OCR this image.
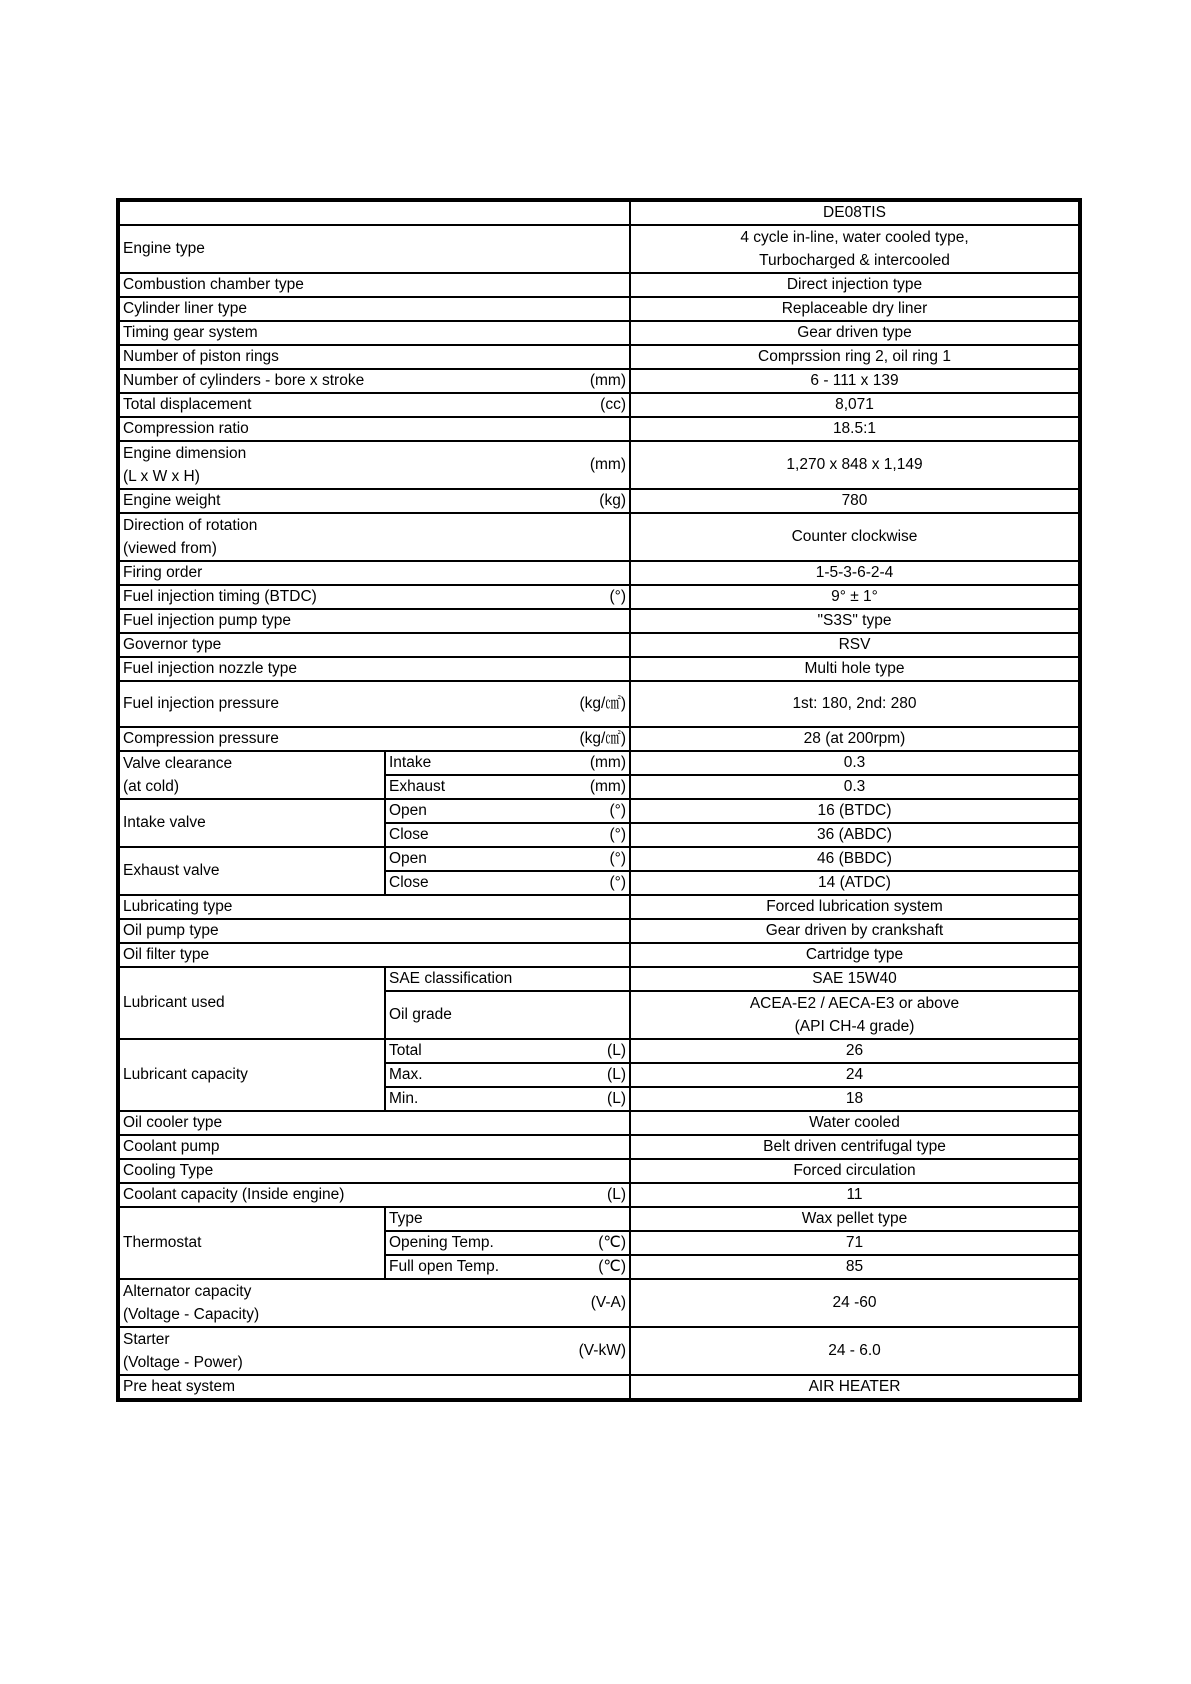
			DE08TIS
Engine type			4 cycle in-line, water cooled type,
Turbocharged & intercooled

Combustion chamber type			Direct injection type
Cylinder liner type			Replaceable dry liner
Timing gear system			Gear driven type
Number of piston rings			Comprssion ring 2, oil ring 1
Number of cylinders - bore x stroke		(mm)	6 - 111 x 139
Total displacement		(cc)	8,071
Compression ratio			18.5:1

Engine dimension
(L x W x H)		(mm)	1,270 x 848 x 1,149
Engine weight		(kg)	780

Direction of rotation
(viewed from)			Counter clockwise
Firing order			1-5-3-6-2-4
Fuel injection timing (BTDC)		(°)	9° ± 1°
Fuel injection pump type			"S3S" type
Governor type			RSV
Fuel injection nozzle type			Multi hole type
Fuel injection pressure		(kg/㎠)	1st: 180, 2nd: 280
Compression pressure		(kg/㎠)	28 (at 200rpm)

Valve clearance
(at cold)	Intake	(mm)	0.3
	Exhaust	(mm)	0.3
Intake valve	Open	(°)	16 (BTDC)
	Close	(°)	36 (ABDC)
Exhaust valve	Open	(°)	46 (BBDC)
	Close	(°)	14 (ATDC)
Lubricating type			Forced lubrication system
Oil pump type			Gear driven by crankshaft
Oil filter type			Cartridge type
Lubricant used	SAE classification		SAE 15W40
	Oil grade		ACEA-E2 / AECA-E3 or above
(API CH-4 grade)

Lubricant capacity	Total	(L)	26
	Max.	(L)	24
	Min.	(L)	18
Oil cooler type			Water cooled
Coolant pump			Belt driven centrifugal type
Cooling Type			Forced circulation
Coolant capacity (Inside engine)		(L)	11
Thermostat	Type		Wax pellet type
	Opening Temp.	(℃)	71
	Full open Temp.	(℃)	85

Alternator capacity
(Voltage - Capacity)		(V-A)	24 -60

Starter
(Voltage - Power)		(V-kW)	24 - 6.0
Pre heat system			AIR HEATER
